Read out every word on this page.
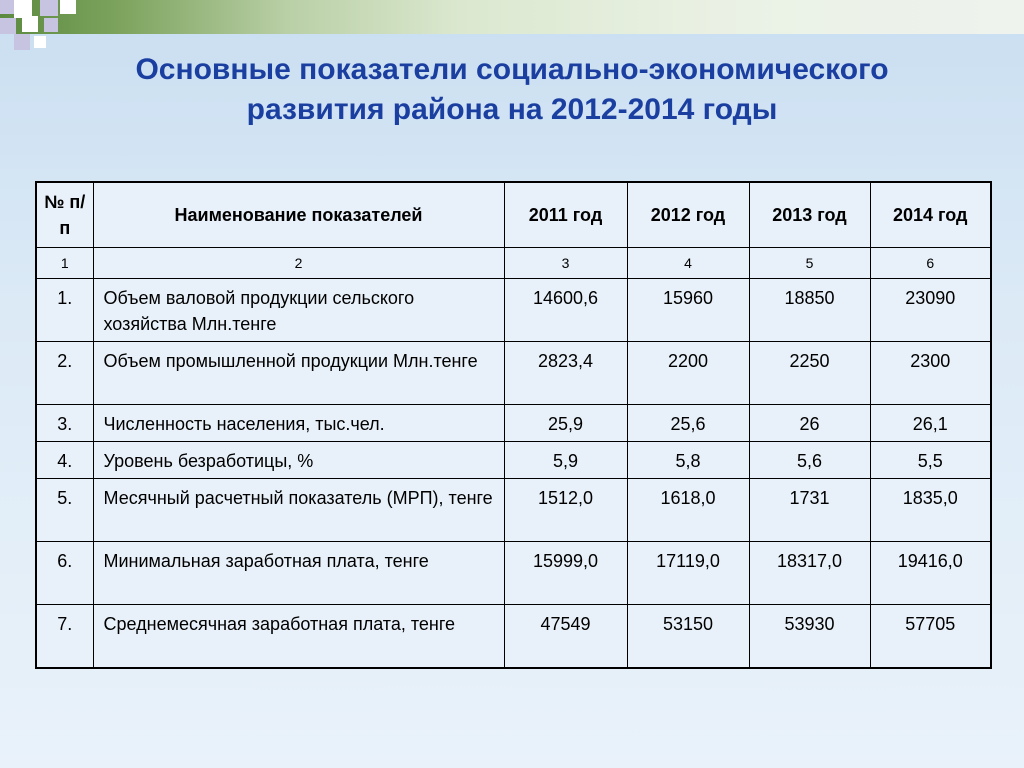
Основные показатели социально-экономического
развития района на 2012-2014 годы
№ п/п	Наименование показателей	2011 год	2012 год	2013 год	2014 год
1	2	3	4	5	6
1.	Объем валовой продукции сельского хозяйства Млн.тенге	14600,6	15960	18850	23090
2.	Объем промышленной продукции Млн.тенге	2823,4	2200	2250	2300
3.	Численность населения, тыс.чел.	25,9	25,6	26	26,1
4.	Уровень безработицы, %	5,9	5,8	5,6	5,5
5.	Месячный расчетный показатель (МРП), тенге	1512,0	1618,0	1731	1835,0
6.	Минимальная заработная плата, тенге	15999,0	17119,0	18317,0	19416,0
7.	Среднемесячная заработная плата, тенге	47549	53150	53930	57705
